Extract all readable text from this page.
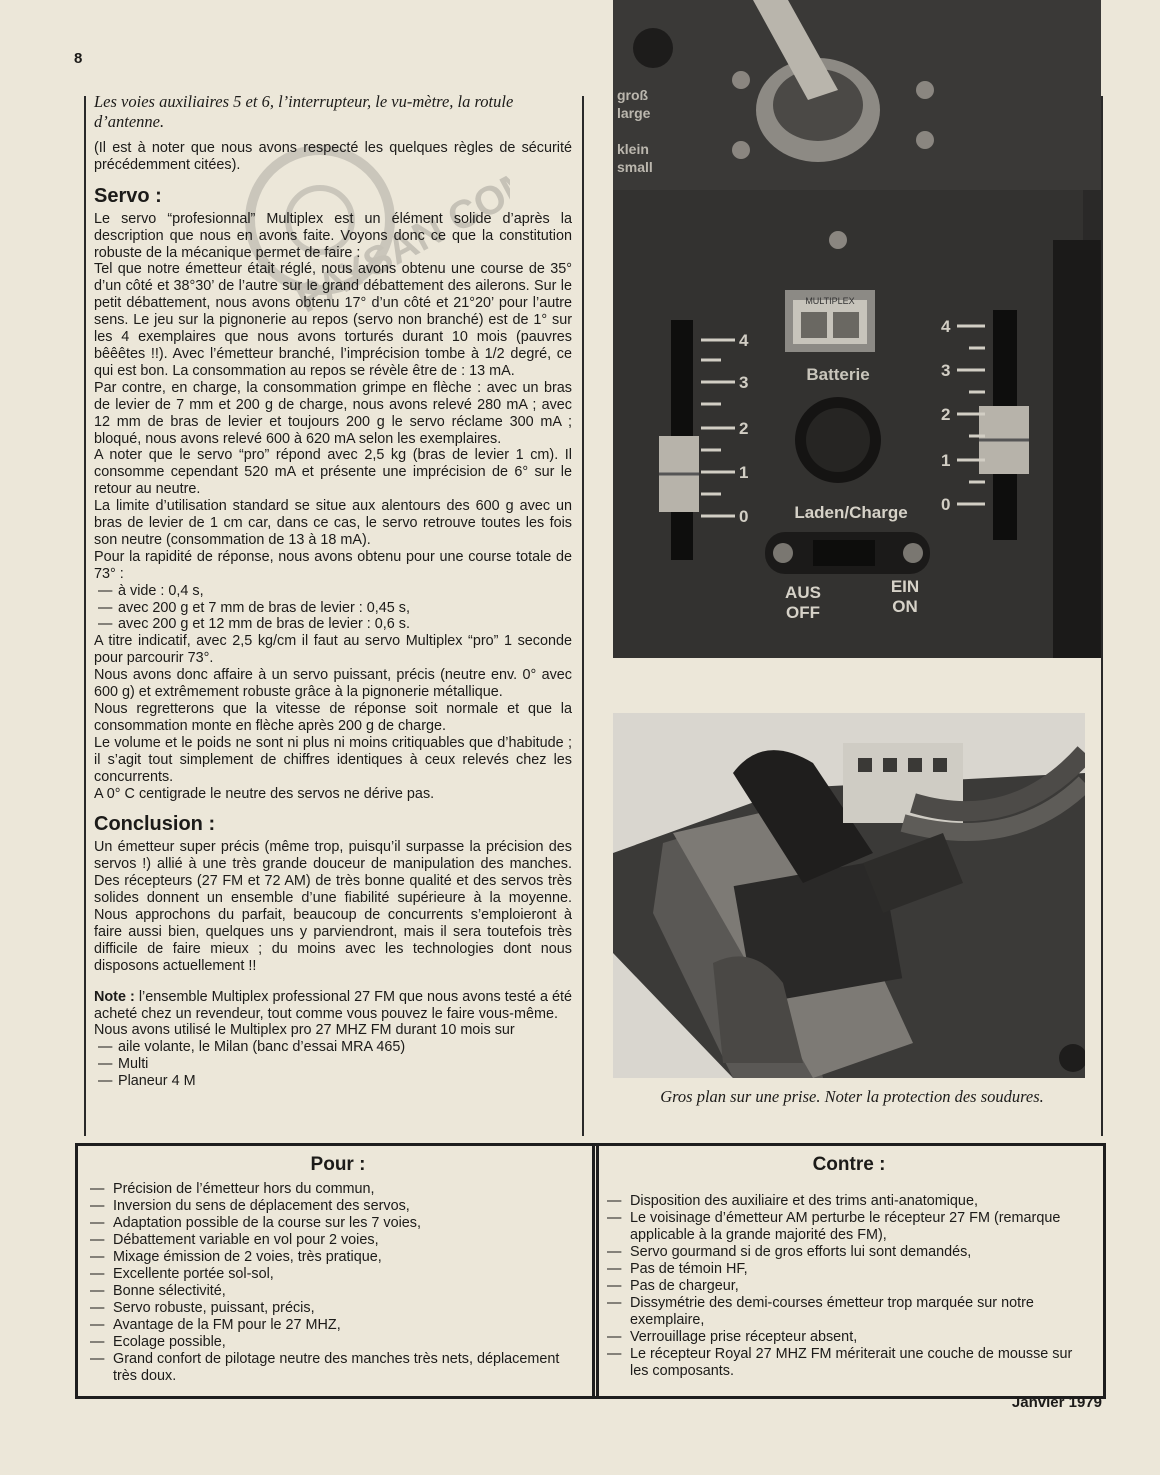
8
PAYSAN COM

Les voies auxiliaires 5 et 6, l’interrupteur, le vu-mètre, la rotule d’antenne.

(Il est à noter que nous avons respecté les quelques règles de sécurité précédemment citées).

Servo :

Le servo “profesionnal” Multiplex est un élément solide d’après la description que nous en avons faite. Voyons donc ce que la constitution robuste de la mécanique permet de faire :

Tel que notre émetteur était réglé, nous avons obtenu une course de 35° d’un côté et 38°30’ de l’autre sur le grand débattement des ailerons. Sur le petit débattement, nous avons obtenu 17° d’un côté et 21°20’ pour l’autre sens. Le jeu sur la pignonerie au repos (servo non branché) est de 1° sur les 4 exemplaires que nous avons torturés durant 10 mois (pauvres bêêêtes !!). Avec l’émetteur branché, l’imprécision tombe à 1/2 degré, ce qui est bon. La consommation au repos se révèle être de : 13 mA.

Par contre, en charge, la consommation grimpe en flèche : avec un bras de levier de 7 mm et 200 g de charge, nous avons relevé 280 mA ; avec 12 mm de bras de levier et toujours 200 g le servo réclame 300 mA ; bloqué, nous avons relevé 600 à 620 mA selon les exemplaires.

A noter que le servo “pro” répond avec 2,5 kg (bras de levier 1 cm). Il consomme cependant 520 mA et présente une imprécision de 6° sur le retour au neutre.

La limite d’utilisation standard se situe aux alentours des 600 g avec un bras de levier de 1 cm car, dans ce cas, le servo retrouve toutes les fois son neutre (consommation de 13 à 18 mA).

Pour la rapidité de réponse, nous avons obtenu pour une course totale de 73° :

— à vide : 0,4 s,

— avec 200 g et 7 mm de bras de levier : 0,45 s,

— avec 200 g et 12 mm de bras de levier : 0,6 s.

A titre indicatif, avec 2,5 kg/cm il faut au servo Multiplex “pro” 1 seconde pour parcourir 73°.

Nous avons donc affaire à un servo puissant, précis (neutre env. 0° avec 600 g) et extrêmement robuste grâce à la pignonerie métallique.

Nous regretterons que la vitesse de réponse soit normale et que la consommation monte en flèche après 200 g de charge.

Le volume et le poids ne sont ni plus ni moins critiquables que d’habitude ; il s’agit tout simplement de chiffres identiques à ceux relevés chez les concurrents.

A 0° C centigrade le neutre des servos ne dérive pas.

Conclusion :

Un émetteur super précis (même trop, puisqu’il surpasse la précision des servos !) allié à une très grande douceur de manipulation des manches. Des récepteurs (27 FM et 72 AM) de très bonne qualité et des servos très solides donnent un ensemble d’une fiabilité supérieure à la moyenne. Nous approchons du parfait, beaucoup de concurrents s’emploieront à faire aussi bien, quelques uns y parviendront, mais il sera toutefois très difficile de faire mieux ; du moins avec les technologies dont nous disposons actuellement !!

Note : l’ensemble Multiplex professional 27 FM que nous avons testé a été acheté chez un revendeur, tout comme vous pouvez le faire vous-même.

Nous avons utilisé le Multiplex pro 27 MHZ FM durant 10 mois sur

— aile volante, le Milan (banc d’essai MRA 465)

— Multi

— Planeur 4 M

groß
large
klein
small
MULTIPLEX
Batterie
Laden/Charge
AUS
OFF
EIN
ON
4
3
2
1
0
4
3
2
1
0
Gros plan sur une prise. Noter la protection des soudures.
Pour :
— Précision de l’émetteur hors du commun,
— Inversion du sens de déplacement des servos,
— Adaptation possible de la course sur les 7 voies,
— Débattement variable en vol pour 2 voies,
— Mixage émission de 2 voies, très pratique,
— Excellente portée sol-sol,
— Bonne sélectivité,
— Servo robuste, puissant, précis,
— Avantage de la FM pour le 27 MHZ,
— Ecolage possible,
— Grand confort de pilotage neutre des manches très nets, déplacement très doux.
Contre :
— Disposition des auxiliaire et des trims anti-anatomique,
— Le voisinage d’émetteur AM perturbe le récepteur 27 FM (remarque applicable à la grande majorité des FM),
— Servo gourmand si de gros efforts lui sont demandés,
— Pas de témoin HF,
— Pas de chargeur,
— Dissymétrie des demi-courses émetteur trop marquée sur notre exemplaire,
— Verrouillage prise récepteur absent,
— Le récepteur Royal 27 MHZ FM mériterait une couche de mousse sur les composants.
Janvier 1979
